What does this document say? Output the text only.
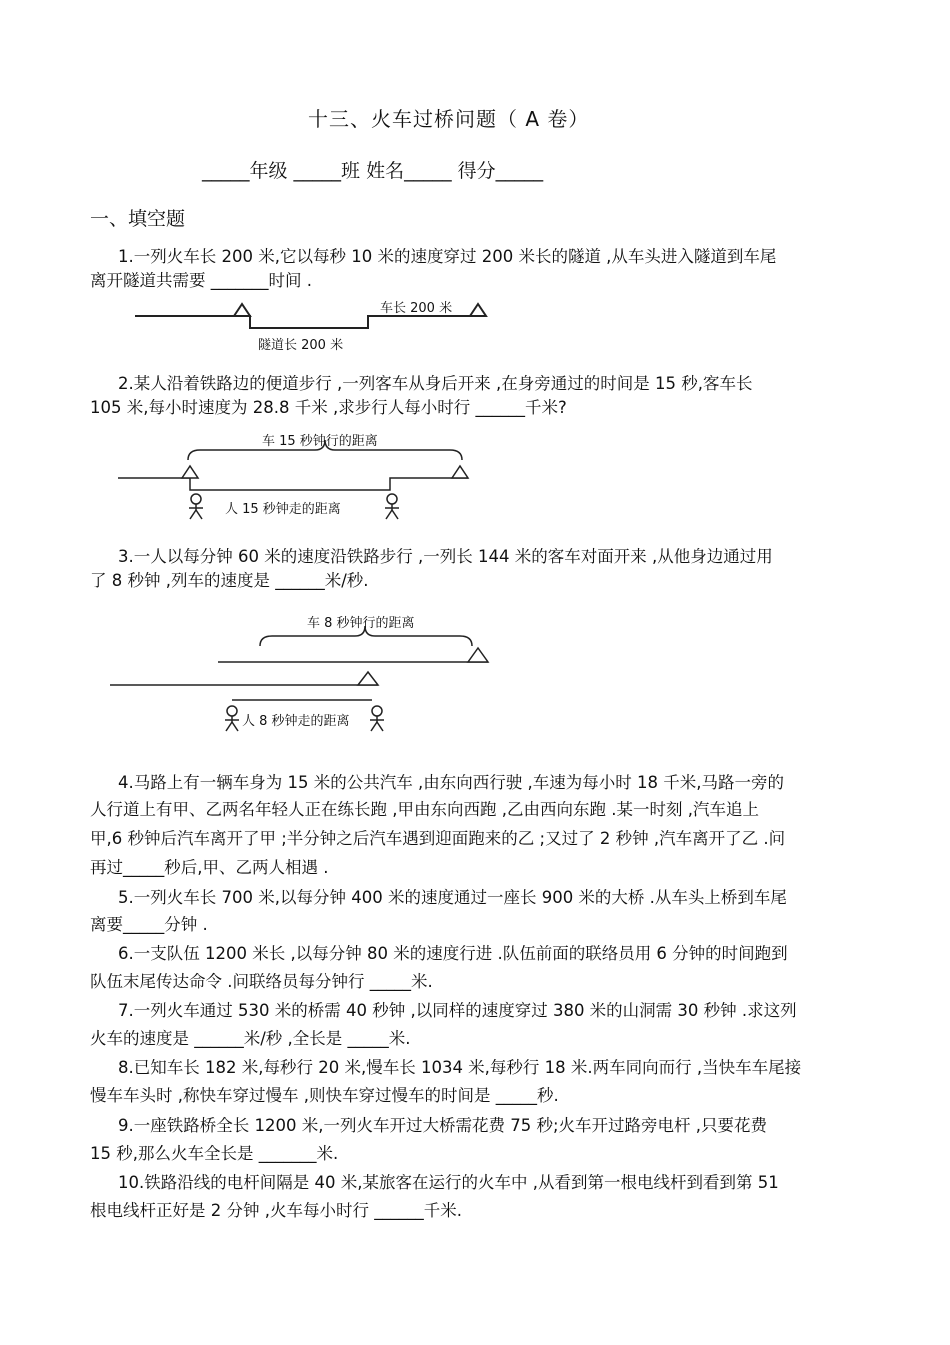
十三、火车过桥问题（ A 卷）
_____年级 _____班 姓名_____ 得分_____
一、填空题
1.一列火车长 200 米,它以每秒 10 米的速度穿过 200 米长的隧道 ,从车头进入隧道到车尾
离开隧道共需要 _______时间 .
车长 200 米
隧道长 200 米
2.某人沿着铁路边的便道步行 ,一列客车从身后开来 ,在身旁通过的时间是 15 秒,客车长
105 米,每小时速度为 28.8 千米 ,求步行人每小时行 ______千米?
车 15 秒钟行的距离
人 15 秒钟走的距离
3.一人以每分钟 60 米的速度沿铁路步行 ,一列长 144 米的客车对面开来 ,从他身边通过用
了 8 秒钟 ,列车的速度是 ______米/秒.
车 8 秒钟行的距离
人 8 秒钟走的距离
4.马路上有一辆车身为 15 米的公共汽车 ,由东向西行驶 ,车速为每小时 18 千米,马路一旁的
人行道上有甲、乙两名年轻人正在练长跑 ,甲由东向西跑 ,乙由西向东跑 .某一时刻 ,汽车追上
甲,6 秒钟后汽车离开了甲 ;半分钟之后汽车遇到迎面跑来的乙 ;又过了 2 秒钟 ,汽车离开了乙 .问
再过_____秒后,甲、乙两人相遇 .
5.一列火车长 700 米,以每分钟 400 米的速度通过一座长 900 米的大桥 .从车头上桥到车尾
离要_____分钟 .
6.一支队伍 1200 米长 ,以每分钟 80 米的速度行进 .队伍前面的联络员用 6 分钟的时间跑到
队伍末尾传达命令 .问联络员每分钟行 _____米.
7.一列火车通过 530 米的桥需 40 秒钟 ,以同样的速度穿过 380 米的山洞需 30 秒钟 .求这列
火车的速度是 ______米/秒 ,全长是 _____米.
8.已知车长 182 米,每秒行 20 米,慢车长 1034 米,每秒行 18 米.两车同向而行 ,当快车车尾接
慢车车头时 ,称快车穿过慢车 ,则快车穿过慢车的时间是 _____秒.
9.一座铁路桥全长 1200 米,一列火车开过大桥需花费 75 秒;火车开过路旁电杆 ,只要花费
15 秒,那么火车全长是 _______米.
10.铁路沿线的电杆间隔是 40 米,某旅客在运行的火车中 ,从看到第一根电线杆到看到第 51
根电线杆正好是 2 分钟 ,火车每小时行 ______千米.
